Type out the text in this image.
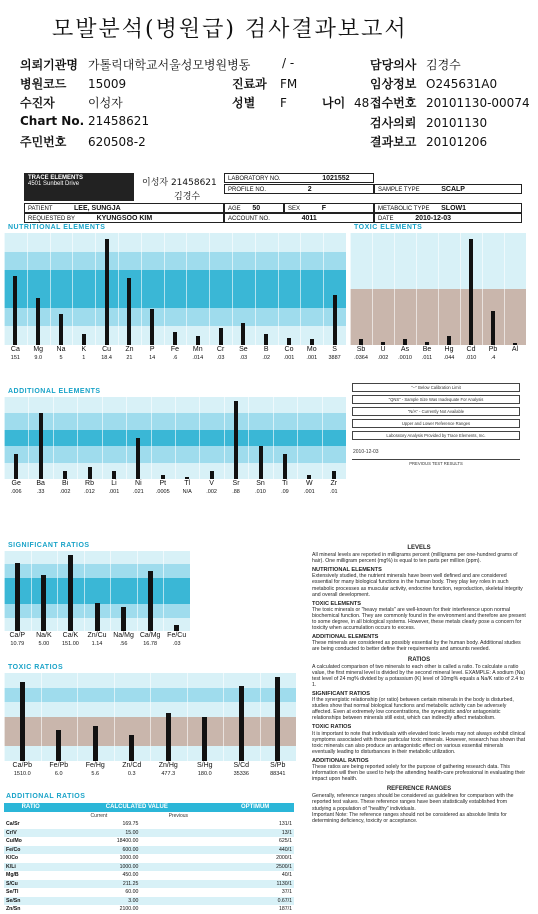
모발분석(병원급) 검사결과보고서
의뢰기관명 가톨릭대학교서울성모병원병동
병원코드 15009
수진자	이성자
Chart No. 21458621
주민번호 620508-2
/ -
진료과 FM
성별 F	나이 48
담당의사 김경수
임상정보 O245631A0
접수번호 20101130-00074
검사의뢰 20101130
결과보고 20101206
TRACE ELEMENTS
4501 Sunbelt Drive	이성자 21458621
김경수
LABORATORY NO.	1021552
PROFILE NO.	2	SAMPLE TYPE	SCALP
PATIENT	LEE, SUNGJA	AGE 50	SEX	F	METABOLIC TYPE SLOW1
REQUESTED BY	KYUNGSOO KIM	ACCOUNT NO.	4011	DATE	2010-12-03
NUTRITIONAL ELEMENTS
Ca
151
Mg
9.0
Na
5
K
1
Cu
18.4
Zn
21
P
14
Fe
.6
Mn
.014
Cr
.03
Se
.03
B
.02
Co
.001
Mo
.001
S
3887
TOXIC ELEMENTS
Sb
.0364
U
.002
As
.0010
Be
.011
Hg
.044
Cd
.010
Pb
.4
Al
ADDITIONAL ELEMENTS
Ge
.006
Ba
.33
Bi
.002
Rb
.012
Li
.001
Ni
.021
Pt
.0005
Tl
N/A
V
.002
Sr
.88
Sn
.010
Ti
.09
W
.001
Zr
.01
"--" Below Calibration Limit
"QNS" - Sample Size Was Inadequate For Analysis
"N/A" - Currently Not Available
Upper and Lower Reference Ranges
Laboratory Analysis Provided by Trace Elements, Inc.
2010-12-03
PREVIOUS TEST RESULTS
SIGNIFICANT RATIOS
Ca/P
10.79
Na/K
5.00
Ca/K
151.00
Zn/Cu
1.14
Na/Mg
.56
Ca/Mg
16.78
Fe/Cu
.03
TOXIC RATIOS
Ca/Pb
1510.0
Fe/Pb
6.0
Fe/Hg
5.6
Zn/Cd
0.3
Zn/Hg
477.3
S/Hg
180.0
S/Cd
35336
S/Pb
88341
ADDITIONAL RATIOS
RATIO	CALCULATED VALUE		OPTIMUM
	Current	Previous	
Ca/Sr	169.75		131/1
Cr/V	15.00		13/1
Cu/Mo	18400.00		625/1
Fe/Co	600.00		440/1
K/Co	1000.00		2000/1
K/Li	1000.00		2500/1
Mg/B	450.00		40/1
S/Cu	211.25		1130/1
Se/Tl	60.00		37/1
Se/Sn	3.00		0.67/1
Zn/Sn	2100.00		187/1
LEVELS

All mineral levels are reported in milligrams percent (milligrams per one-hundred grams of hair). One milligram percent (mg%) is equal to ten parts per million (ppm).

NUTRITIONAL ELEMENTS

Extensively studied, the nutrient minerals have been well defined and are considered essential for many biological functions in the human body. They play key roles in such metabolic processes as muscular activity, endocrine function, reproduction, skeletal integrity and overall development.

TOXIC ELEMENTS

The toxic minerals or "heavy metals" are well-known for their interference upon normal biochemical function. They are commonly found in the environment and therefore are present to some degree, in all biological systems. However, these metals clearly pose a concern for toxicity when accumulation occurs to excess.

ADDITIONAL ELEMENTS

These minerals are considered as possibly essential by the human body. Additional studies are being conducted to better define their requirements and amounts needed.

RATIOS

A calculated comparison of two minerals to each other is called a ratio. To calculate a ratio value, the first mineral level is divided by the second mineral level. EXAMPLE: A sodium (Na) test level of 24 mg% divided by a potassium (K) level of 10mg% equals a Na/K ratio of 2.4 to 1.

SIGNIFICANT RATIOS

If the synergistic relationship (or ratio) between certain minerals in the body is disturbed, studies show that normal biological functions and metabolic activity can be adversely affected. Even at extremely low concentrations, the synergistic and/or antagonistic relationships between minerals still exist, which can indirectly affect metabolism.

TOXIC RATIOS

It is important to note that individuals with elevated toxic levels may not always exhibit clinical symptoms associated with those particular toxic minerals. However, research has shown that toxic minerals can also produce an antagonistic effect on various essential minerals eventually leading to disturbances in their metabolic utilization.

ADDITIONAL RATIOS

These ratios are being reported solely for the purpose of gathering research data. This information will then be used to help the attending health-care professional in evaluating their impact upon health.

REFERENCE RANGES

Generally, reference ranges should be considered as guidelines for comparison with the reported test values. These reference ranges have been statistically established from studying a population of "healthy" individuals.

Important Note: The reference ranges should not be considered as absolute limits for determining deficiency, toxicity or acceptance.
